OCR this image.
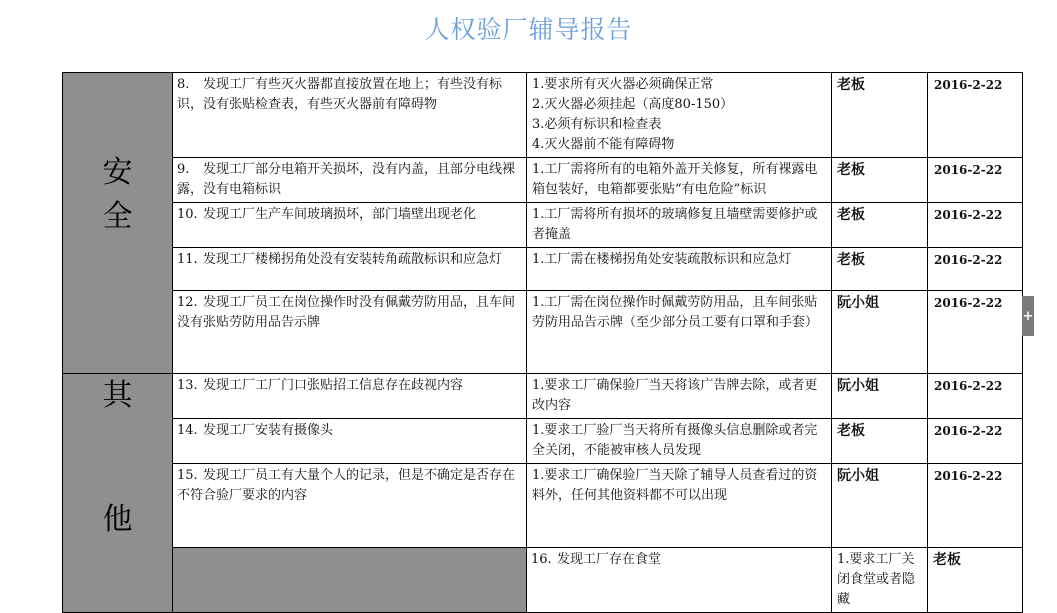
人权验厂辅导报告
安
全	8. 发现工厂有些灭火器都直接放置在地上；有些没有标识，没有张贴检查表，有些灭火器前有障碍物	1.要求所有灭火器必须确保正常
2.灭火器必须挂起（高度80-150）
3.必须有标识和检查表
4.灭火器前不能有障碍物	老板	2016-2-22	
	9. 发现工厂部分电箱开关损坏，没有内盖，且部分电线裸露，没有电箱标识	1.工厂需将所有的电箱外盖开关修复，所有裸露电箱包装好，电箱都要张贴“有电危险”标识	老板	2016-2-22	
	10. 发现工厂生产车间玻璃损坏，部门墙壁出现老化	1.工厂需将所有损坏的玻璃修复且墙壁需要修护或者掩盖	老板	2016-2-22	
	11. 发现工厂楼梯拐角处没有安装转角疏散标识和应急灯	1.工厂需在楼梯拐角处安装疏散标识和应急灯	老板	2016-2-22	
	12. 发现工厂员工在岗位操作时没有佩戴劳防用品，且车间没有张贴劳防用品告示牌	1.工厂需在岗位操作时佩戴劳防用品，且车间张贴劳防用品告示牌（至少部分员工要有口罩和手套）	阮小姐	2016-2-22	

其
他	13. 发现工厂工厂门口张贴招工信息存在歧视内容	1.要求工厂确保验厂当天将该广告牌去除，或者更改内容	阮小姐	2016-2-22	
	14. 发现工厂安装有摄像头	1.要求工厂验厂当天将所有摄像头信息删除或者完全关闭，不能被审核人员发现	老板	2016-2-22	
	15. 发现工厂员工有大量个人的记录，但是不确定是否存在不符合验厂要求的内容	1.要求工厂确保验厂当天除了辅导人员查看过的资料外，任何其他资料都不可以出现	阮小姐	2016-2-22	
		16. 发现工厂存在食堂	1.要求工厂关闭食堂或者隐藏	老板	
+
